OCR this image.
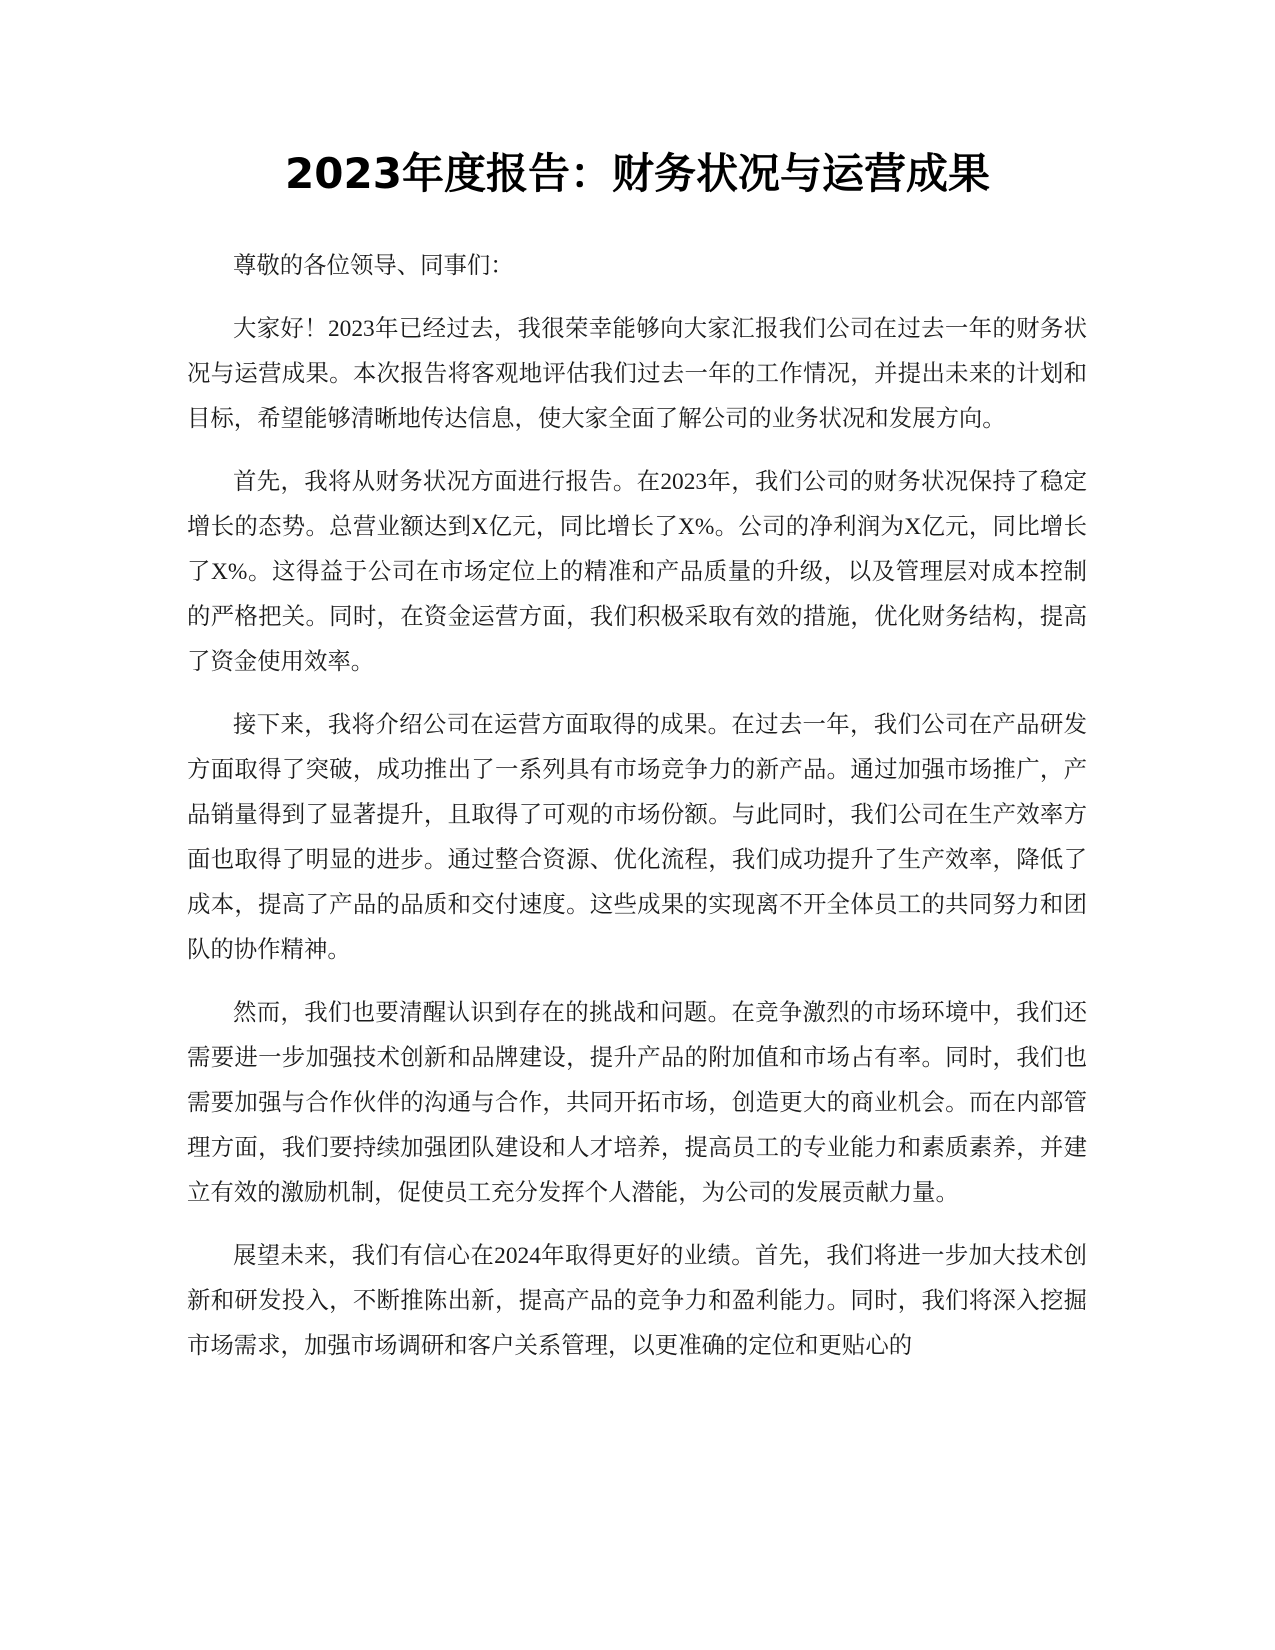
2023年度报告：财务状况与运营成果

尊敬的各位领导、同事们：

大家好！2023年已经过去，我很荣幸能够向大家汇报我们公司在过去一年的财务状况与运营成果。本次报告将客观地评估我们过去一年的工作情况，并提出未来的计划和目标，希望能够清晰地传达信息，使大家全面了解公司的业务状况和发展方向。

首先，我将从财务状况方面进行报告。在2023年，我们公司的财务状况保持了稳定增长的态势。总营业额达到X亿元，同比增长了X%。公司的净利润为X亿元，同比增长了X%。这得益于公司在市场定位上的精准和产品质量的升级，以及管理层对成本控制的严格把关。同时，在资金运营方面，我们积极采取有效的措施，优化财务结构，提高了资金使用效率。

接下来，我将介绍公司在运营方面取得的成果。在过去一年，我们公司在产品研发方面取得了突破，成功推出了一系列具有市场竞争力的新产品。通过加强市场推广，产品销量得到了显著提升，且取得了可观的市场份额。与此同时，我们公司在生产效率方面也取得了明显的进步。通过整合资源、优化流程，我们成功提升了生产效率，降低了成本，提高了产品的品质和交付速度。这些成果的实现离不开全体员工的共同努力和团队的协作精神。

然而，我们也要清醒认识到存在的挑战和问题。在竞争激烈的市场环境中，我们还需要进一步加强技术创新和品牌建设，提升产品的附加值和市场占有率。同时，我们也需要加强与合作伙伴的沟通与合作，共同开拓市场，创造更大的商业机会。而在内部管理方面，我们要持续加强团队建设和人才培养，提高员工的专业能力和素质素养，并建立有效的激励机制，促使员工充分发挥个人潜能，为公司的发展贡献力量。

展望未来，我们有信心在2024年取得更好的业绩。首先，我们将进一步加大技术创新和研发投入，不断推陈出新，提高产品的竞争力和盈利能力。同时，我们将深入挖掘市场需求，加强市场调研和客户关系管理，以更准确的定位和更贴心的
